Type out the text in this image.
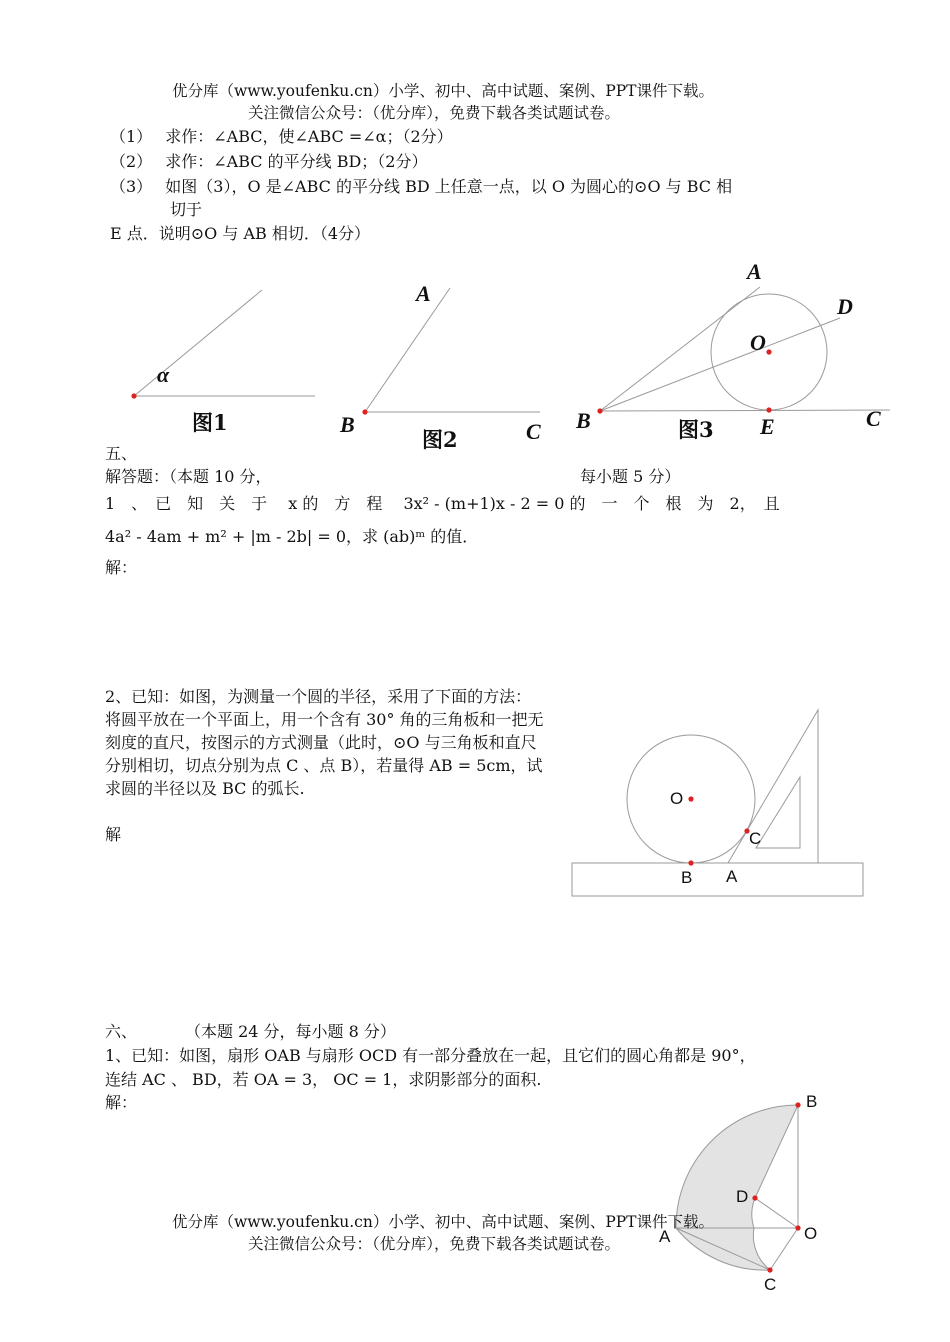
优分库（www.youfenku.cn）小学、初中、高中试题、案例、PPT课件下载。
关注微信公众号：（优分库），免费下载各类试题试卷。
（1）　 求作：∠ABC，使∠ABC =∠α；（2分）
（2）　 求作：∠ABC 的平分线 BD；（2分）
（3）　 如图（3），O 是∠ABC 的平分线 BD 上任意一点，以 O 为圆心的⊙O 与 BC 相
切于
E 点．说明⊙O 与 AB 相切．（4分）
α
图1
A
B	C
图2
A
D
O
B	E	C
图3
五、
解答题：（本题 10 分，	每小题 5 分）
1　、　已　知　关　于　 x 的　方　程　 3x² - (m+1)x - 2 = 0 的　一　个　根　为　2，　且
4a² - 4am + m² + |m - 2b| = 0，求 (ab)ᵐ 的值．
解：
2、已知：如图，为测量一个圆的半径，采用了下面的方法：将圆平放在一个平面上，用一个含有 30° 角的三角板和一把无刻度的直尺，按图示的方式测量（此时，⊙O 与三角板和直尺分别相切，切点分别为点 C 、点 B），若量得 AB = 5cm，试求圆的半径以及 BC 的弧长.
解
O
C
B A
六、	（本题 24 分，每小题 8 分）
1、已知：如图，扇形 OAB 与扇形 OCD 有一部分叠放在一起，且它们的圆心角都是 90°，
连结 AC 、 BD，若 OA = 3， OC = 1，求阴影部分的面积.
解：	B
D
O
A
C
优分库（www.youfenku.cn）小学、初中、高中试题、案例、PPT课件下载。
关注微信公众号：（优分库），免费下载各类试题试卷。
